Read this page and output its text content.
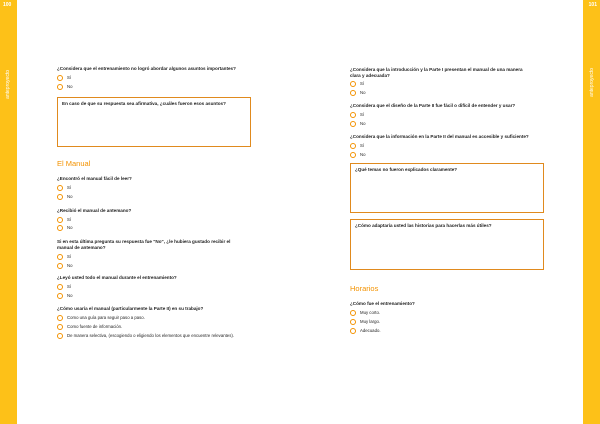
100	101
anteproyecto	anteproyecto
¿Considera que el entrenamiento no logró abordar algunos asuntos importantes?
Sí
No
En caso de que su respuesta sea afirmativa, ¿cuáles fueron esos asuntos?
El Manual
¿Encontró el manual fácil de leer?
Sí
No
¿Recibió el manual de antemano?
Sí
No
Si en esta última pregunta su respuesta fue "No", ¿le hubiera gustado recibir el
manual de antemano?
Sí
No
¿Leyó usted todo el manual durante el entrenamiento?
Sí
No
¿Cómo usaría el manual (particularmente la Parte II) en su trabajo?
Como una guía para seguir paso a paso.
Como fuente de información.
De manera selectiva, (escogiendo o eligiendo los elementos que encuentre relevantes).
¿Considera que la introducción y la Parte I presentan el manual de una manera
clara y adecuada?
Sí
No
¿Considera que el diseño de la Parte II fue fácil o difícil de entender y usar?
Sí
No
¿Considera que la información en la Parte II del manual es accesible y suficiente?
Sí
No
¿Qué temas no fueron explicados claramente?
¿Cómo adaptaría usted las historias para hacerlas más útiles?
Horarios
¿Cómo fue el entrenamiento?
Muy corto.
Muy largo.
Adecuado.
